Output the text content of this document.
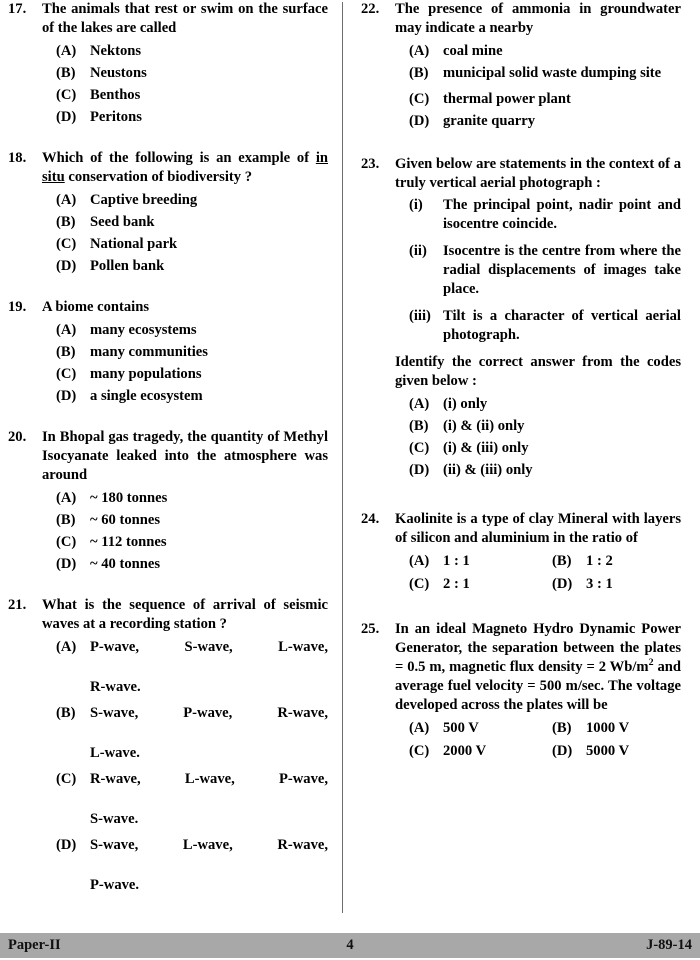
17.	The animals that rest or swim on the surface of the lakes are called
(A) Nektons
(B) Neustons
(C) Benthos
(D) Peritons
18.	Which of the following is an example of in situ conservation of biodiversity ?
(A) Captive breeding
(B) Seed bank
(C) National park
(D) Pollen bank
19.	A biome contains
(A) many ecosystems
(B) many communities
(C) many populations
(D) a single ecosystem
20.	In Bhopal gas tragedy, the quantity of Methyl Isocyanate leaked into the atmosphere was around
(A) ~ 180 tonnes
(B) ~ 60 tonnes
(C) ~ 112 tonnes
(D) ~ 40 tonnes
21.	What is the sequence of arrival of seismic waves at a recording station ?
(A) P-wave, S-wave, L-wave,
R-wave.
(B) S-wave, P-wave, R-wave,
L-wave.
(C) R-wave, L-wave, P-wave,
S-wave.
(D) S-wave, L-wave, R-wave,
P-wave.
22.	The presence of ammonia in groundwater may indicate a nearby
(A) coal mine
(B) municipal solid waste dumping site
(C) thermal power plant
(D) granite quarry
23.	Given below are statements in the context of a truly vertical aerial photograph :
(i) The principal point, nadir point and isocentre coincide.
(ii) Isocentre is the centre from where the radial displacements of images take place.
(iii) Tilt is a character of vertical aerial photograph.
Identify the correct answer from the codes given below :
(A) (i) only
(B) (i) & (ii) only
(C) (i) & (iii) only
(D) (ii) & (iii) only
24.	Kaolinite is a type of clay Mineral with layers of silicon and aluminium in the ratio of
(A) 1 : 1	(B) 1 : 2
(C) 2 : 1	(D) 3 : 1
25.	In an ideal Magneto Hydro Dynamic Power Generator, the separation between the plates = 0.5 m, magnetic flux density = 2 $Wb/m^2$ and average fuel velocity = 500 m/sec. The voltage developed across the plates will be
(A) 500 V	(B) 1000 V
(C) 2000 V	(D) 5000 V
Paper-II	4	J-89-14
